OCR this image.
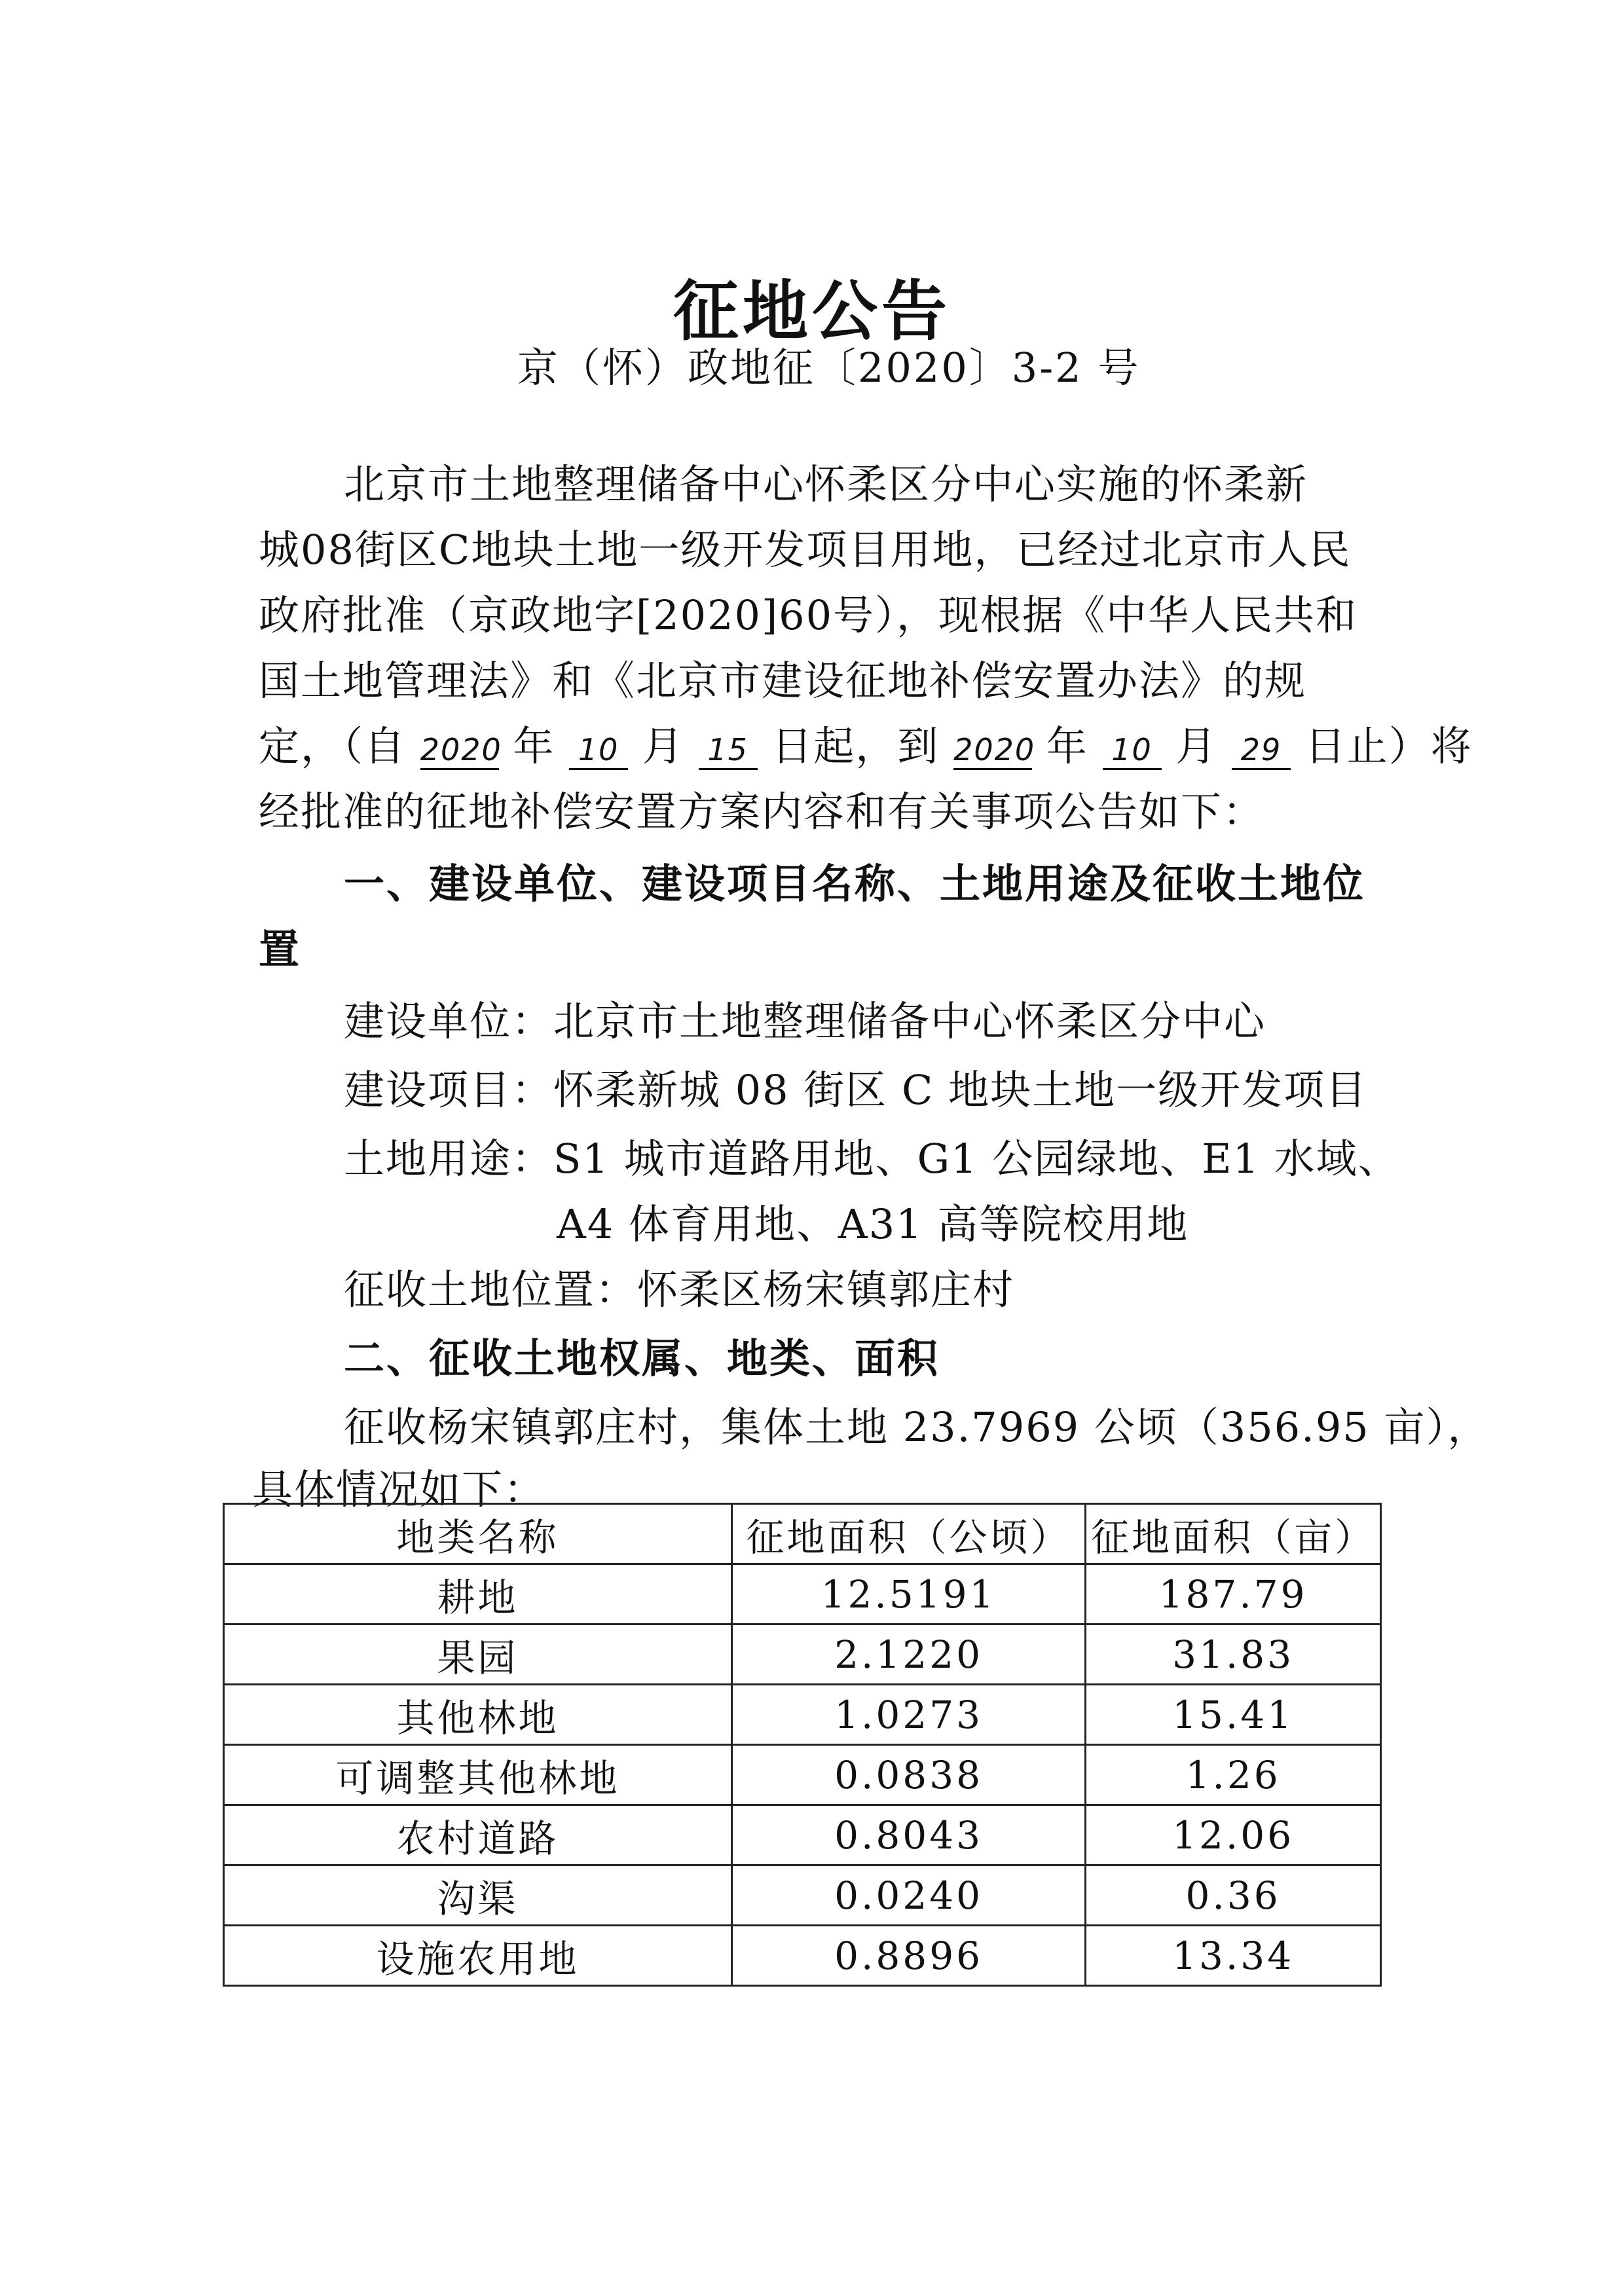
征地公告
京（怀）政地征〔2020〕3-2 号
北京市土地整理储备中心怀柔区分中心实施的怀柔新
城08街区C地块土地一级开发项目用地，已经过北京市人民
政府批准（京政地字[2020]60号），现根据《中华人民共和
国土地管理法》和《北京市建设征地补偿安置办法》的规
定，（自 2020 年 10 月 15 日起，到 2020 年 10 月 29 日止）将
经批准的征地补偿安置方案内容和有关事项公告如下：
一、建设单位、建设项目名称、土地用途及征收土地位
置
建设单位：北京市土地整理储备中心怀柔区分中心
建设项目：怀柔新城 08 街区 C 地块土地一级开发项目
土地用途：S1 城市道路用地、G1 公园绿地、E1 水域、
A4 体育用地、A31 高等院校用地
征收土地位置：怀柔区杨宋镇郭庄村
二、征收土地权属、地类、面积
征收杨宋镇郭庄村，集体土地 23.7969 公顷（356.95 亩），
具体情况如下：
地类名称	征地面积（公顷）	征地面积（亩）
耕地	12.5191	187.79
果园	2.1220	31.83
其他林地	1.0273	15.41
可调整其他林地	0.0838	1.26
农村道路	0.8043	12.06
沟渠	0.0240	0.36
设施农用地	0.8896	13.34
